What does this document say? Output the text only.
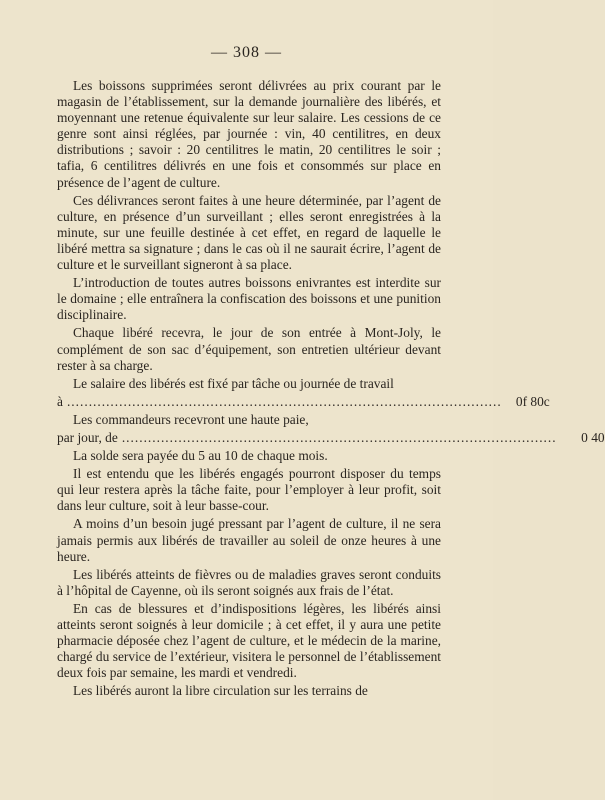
— 308 —

Les boissons supprimées seront délivrées au prix courant par le magasin de l’établissement, sur la demande journalière des libérés, et moyennant une retenue équivalente sur leur salaire. Les cessions de ce genre sont ainsi réglées, par journée : vin, 40 centilitres, en deux distributions ; savoir : 20 centilitres le matin, 20 centilitres le soir ; tafia, 6 centilitres délivrés en une fois et consommés sur place en présence de l’agent de culture.

Ces délivrances seront faites à une heure déterminée, par l’agent de culture, en présence d’un surveillant ; elles seront enregistrées à la minute, sur une feuille destinée à cet effet, en regard de laquelle le libéré mettra sa signature ; dans le cas où il ne saurait écrire, l’agent de culture et le surveillant signeront à sa place.

L’introduction de toutes autres boissons enivrantes est interdite sur le domaine ; elle entraînera la confiscation des boissons et une punition disciplinaire.

Chaque libéré recevra, le jour de son entrée à Mont-Joly, le complément de son sac d’équipement, son entretien ultérieur devant rester à sa charge.

Le salaire des libérés est fixé par tâche ou journée de travail

à ....................................................................................................	0f 80c

Les commandeurs recevront une haute paie,

par jour, de ....................................................................................................	0 40

La solde sera payée du 5 au 10 de chaque mois.

Il est entendu que les libérés engagés pourront disposer du temps qui leur restera après la tâche faite, pour l’employer à leur profit, soit dans leur culture, soit à leur basse-cour.

A moins d’un besoin jugé pressant par l’agent de culture, il ne sera jamais permis aux libérés de travailler au soleil de onze heures à une heure.

Les libérés atteints de fièvres ou de maladies graves seront conduits à l’hôpital de Cayenne, où ils seront soignés aux frais de l’état.

En cas de blessures et d’indispositions légères, les libérés ainsi atteints seront soignés à leur domicile ; à cet effet, il y aura une petite pharmacie déposée chez l’agent de culture, et le médecin de la marine, chargé du service de l’extérieur, visitera le personnel de l’établissement deux fois par semaine, les mardi et vendredi.

Les libérés auront la libre circulation sur les terrains de
